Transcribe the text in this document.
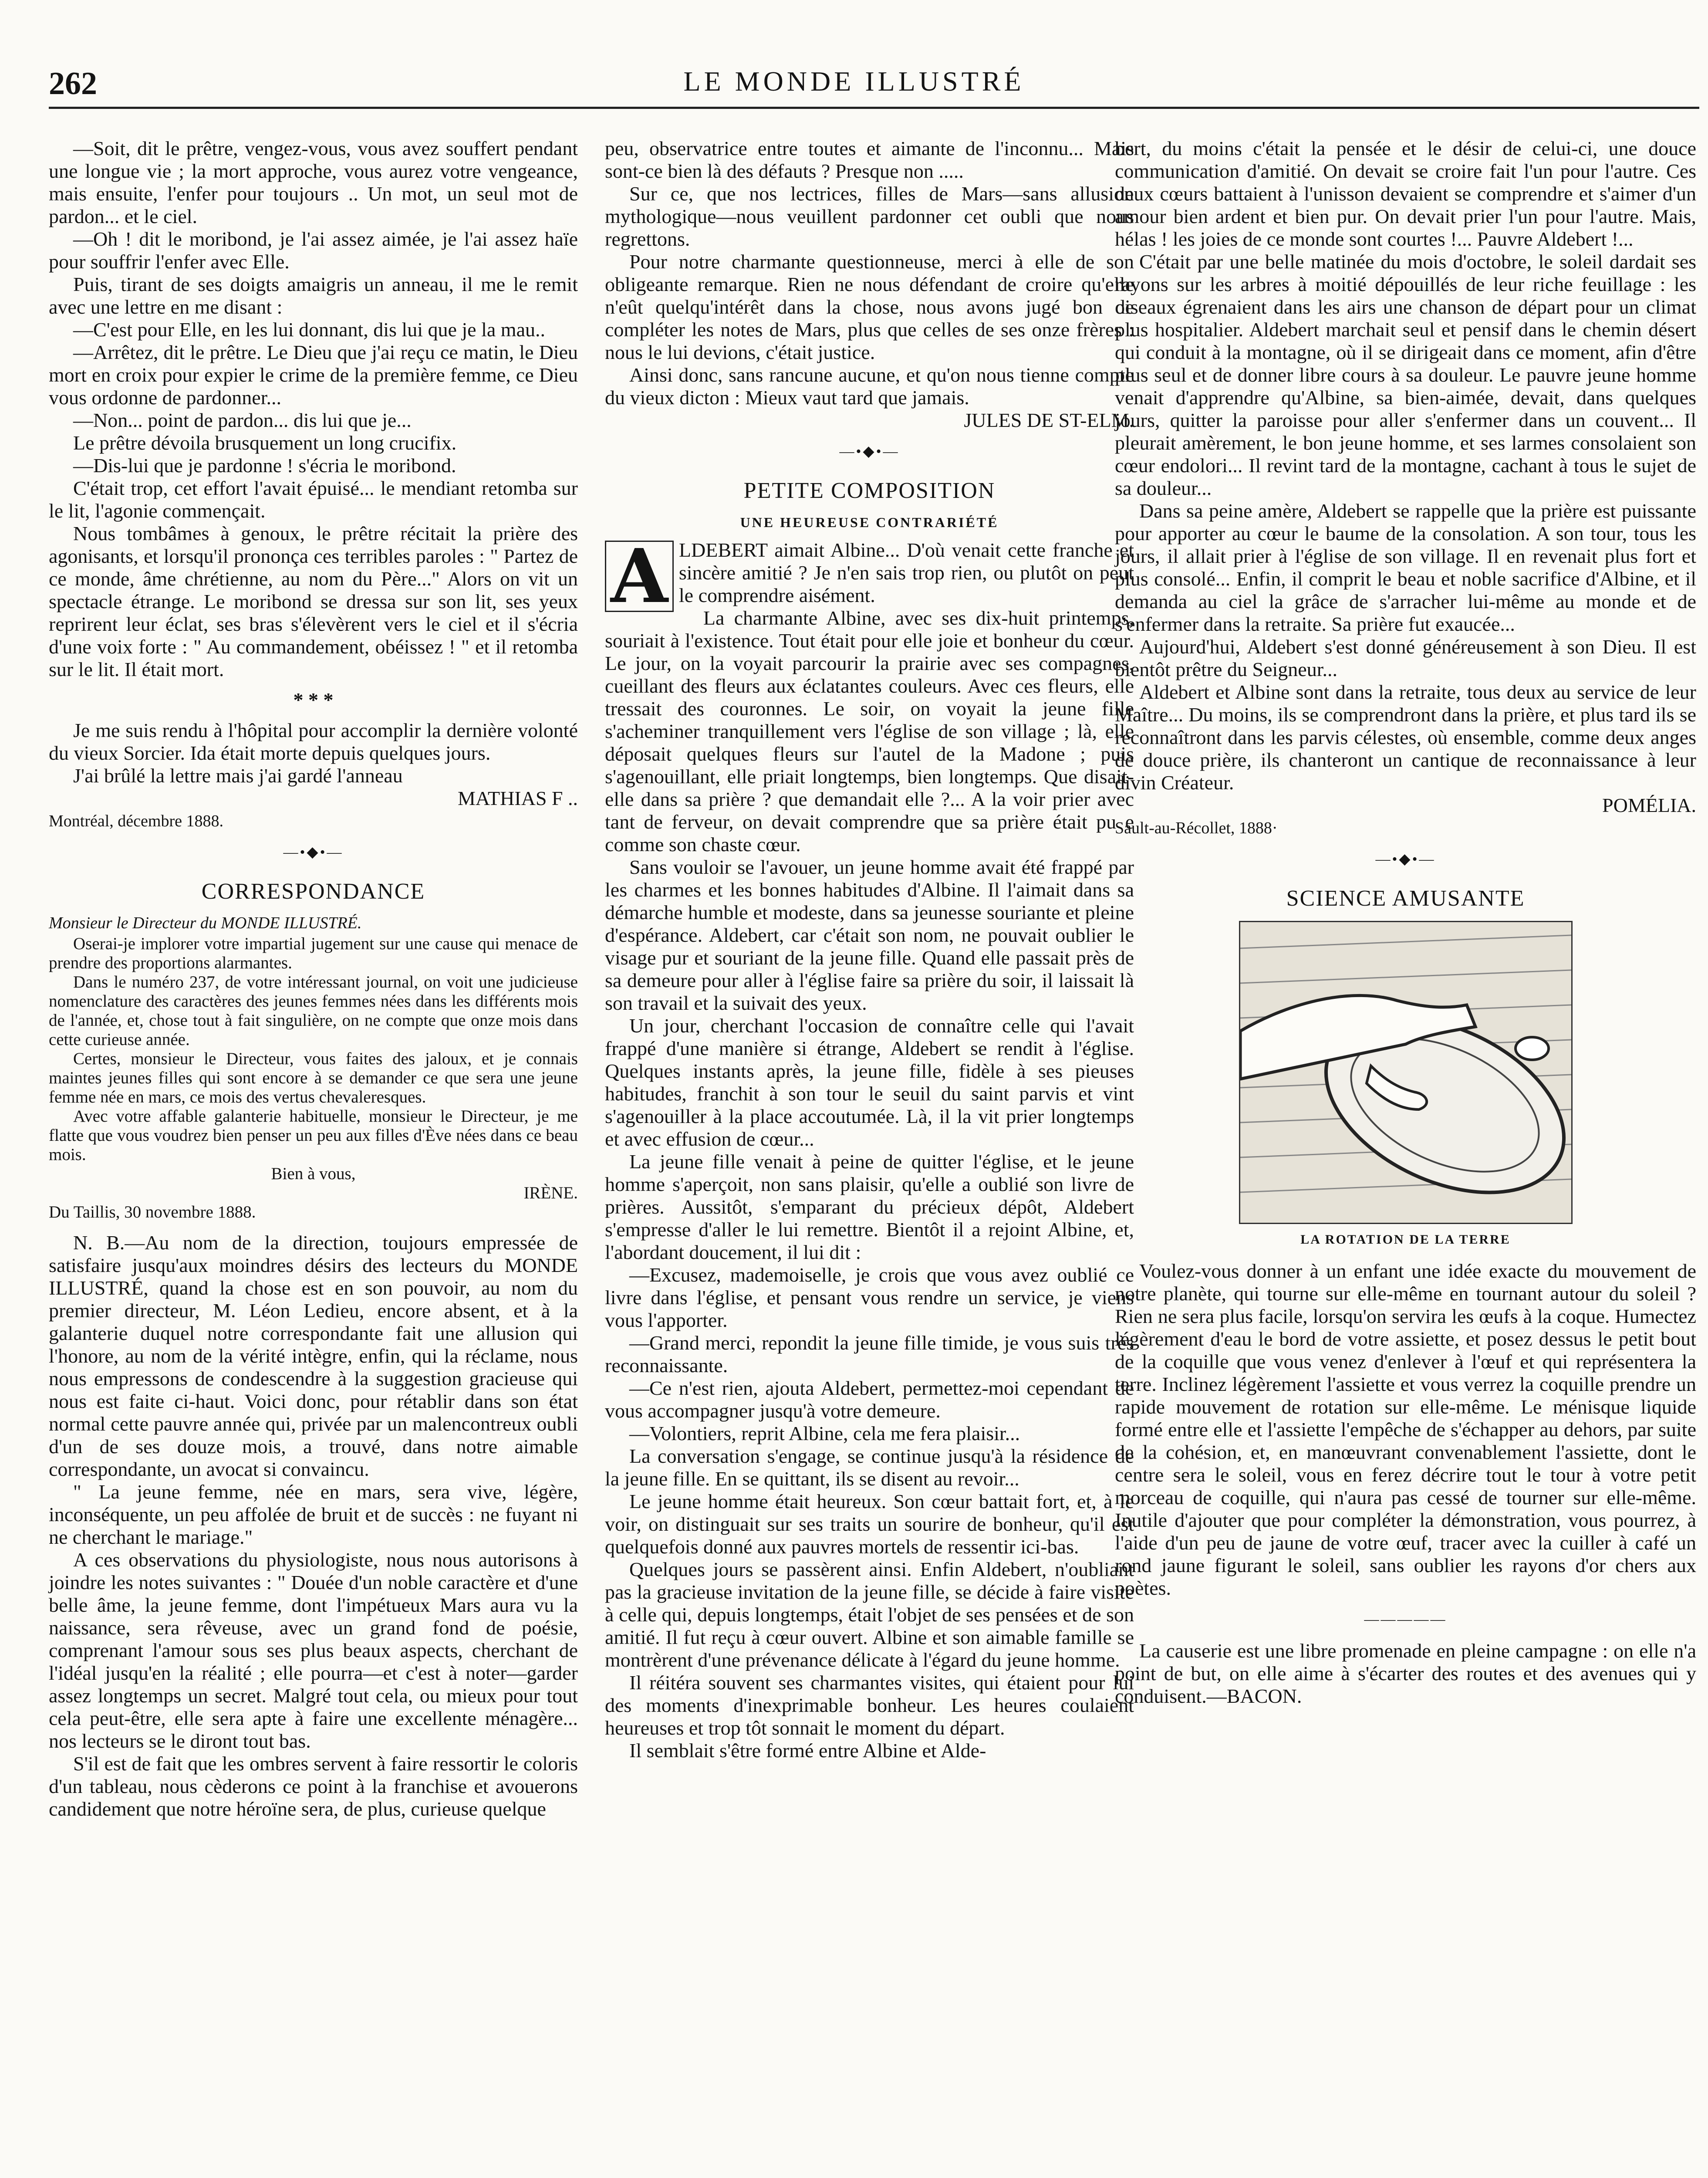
262	LE MONDE ILLUSTRÉ

—Soit, dit le prêtre, vengez-vous, vous avez souffert pendant une longue vie ; la mort approche, vous aurez votre vengeance, mais ensuite, l'enfer pour toujours .. Un mot, un seul mot de pardon... et le ciel.

—Oh ! dit le moribond, je l'ai assez aimée, je l'ai assez haïe pour souffrir l'enfer avec Elle.

Puis, tirant de ses doigts amaigris un anneau, il me le remit avec une lettre en me disant :

—C'est pour Elle, en les lui donnant, dis lui que je la mau..

—Arrêtez, dit le prêtre. Le Dieu que j'ai reçu ce matin, le Dieu mort en croix pour expier le crime de la première femme, ce Dieu vous ordonne de pardonner...

—Non... point de pardon... dis lui que je...

Le prêtre dévoila brusquement un long crucifix.

—Dis-lui que je pardonne ! s'écria le moribond.

C'était trop, cet effort l'avait épuisé... le mendiant retomba sur le lit, l'agonie commençait.

Nous tombâmes à genoux, le prêtre récitait la prière des agonisants, et lorsqu'il prononça ces terribles paroles : " Partez de ce monde, âme chrétienne, au nom du Père..." Alors on vit un spectacle étrange. Le moribond se dressa sur son lit, ses yeux reprirent leur éclat, ses bras s'élevèrent vers le ciel et il s'écria d'une voix forte : " Au commandement, obéissez ! " et il retomba sur le lit. Il était mort.

* * *

Je me suis rendu à l'hôpital pour accomplir la dernière volonté du vieux Sorcier. Ida était morte depuis quelques jours.

J'ai brûlé la lettre mais j'ai gardé l'anneau

MATHIAS F ..

Montréal, décembre 1888.

—•◆•—
CORRESPONDANCE

Monsieur le Directeur du MONDE ILLUSTRÉ.

Oserai-je implorer votre impartial jugement sur une cause qui menace de prendre des proportions alarmantes.

Dans le numéro 237, de votre intéressant journal, on voit une judicieuse nomenclature des caractères des jeunes femmes nées dans les différents mois de l'année, et, chose tout à fait singulière, on ne compte que onze mois dans cette curieuse année.

Certes, monsieur le Directeur, vous faites des jaloux, et je connais maintes jeunes filles qui sont encore à se demander ce que sera une jeune femme née en mars, ce mois des vertus chevaleresques.

Avec votre affable galanterie habituelle, monsieur le Directeur, je me flatte que vous voudrez bien penser un peu aux filles d'Ève nées dans ce beau mois.

Bien à vous,

IRÈNE.

Du Taillis, 30 novembre 1888.

N. B.—Au nom de la direction, toujours empressée de satisfaire jusqu'aux moindres désirs des lecteurs du MONDE ILLUSTRÉ, quand la chose est en son pouvoir, au nom du premier directeur, M. Léon Ledieu, encore absent, et à la galanterie duquel notre correspondante fait une allusion qui l'honore, au nom de la vérité intègre, enfin, qui la réclame, nous nous empressons de condescendre à la suggestion gracieuse qui nous est faite ci-haut. Voici donc, pour rétablir dans son état normal cette pauvre année qui, privée par un malencontreux oubli d'un de ses douze mois, a trouvé, dans notre aimable correspondante, un avocat si convaincu.

" La jeune femme, née en mars, sera vive, légère, inconséquente, un peu affolée de bruit et de succès : ne fuyant ni ne cherchant le mariage."

A ces observations du physiologiste, nous nous autorisons à joindre les notes suivantes : " Douée d'un noble caractère et d'une belle âme, la jeune femme, dont l'impétueux Mars aura vu la naissance, sera rêveuse, avec un grand fond de poésie, comprenant l'amour sous ses plus beaux aspects, cherchant de l'idéal jusqu'en la réalité ; elle pourra—et c'est à noter—garder assez longtemps un secret. Malgré tout cela, ou mieux pour tout cela peut-être, elle sera apte à faire une excellente ménagère... nos lecteurs se le diront tout bas.

S'il est de fait que les ombres servent à faire ressortir le coloris d'un tableau, nous cèderons ce point à la franchise et avouerons candidement que notre héroïne sera, de plus, curieuse quelque

peu, observatrice entre toutes et aimante de l'inconnu... Mais sont-ce bien là des défauts ? Presque non .....

Sur ce, que nos lectrices, filles de Mars—sans allusion mythologique—nous veuillent pardonner cet oubli que nous regrettons.

Pour notre charmante questionneuse, merci à elle de son obligeante remarque. Rien ne nous défendant de croire qu'elle n'eût quelqu'intérêt dans la chose, nous avons jugé bon de compléter les notes de Mars, plus que celles de ses onze frères : nous le lui devions, c'était justice.

Ainsi donc, sans rancune aucune, et qu'on nous tienne compte du vieux dicton : Mieux vaut tard que jamais.

JULES DE ST-ELM.

—•◆•—
PETITE COMPOSITION
UNE HEUREUSE CONTRARIÉTÉ

A LDEBERT aimait Albine... D'où venait cette franche et sincère amitié ? Je n'en sais trop rien, ou plutôt on peut le comprendre aisément.

La charmante Albine, avec ses dix-huit printemps, souriait à l'existence. Tout était pour elle joie et bonheur du cœur. Le jour, on la voyait parcourir la prairie avec ses compagnes, cueillant des fleurs aux éclatantes couleurs. Avec ces fleurs, elle tressait des couronnes. Le soir, on voyait la jeune fille s'acheminer tranquillement vers l'église de son village ; là, elle déposait quelques fleurs sur l'autel de la Madone ; puis s'agenouillant, elle priait longtemps, bien longtemps. Que disait-elle dans sa prière ? que demandait elle ?... A la voir prier avec tant de ferveur, on devait comprendre que sa prière était pu e comme son chaste cœur.

Sans vouloir se l'avouer, un jeune homme avait été frappé par les charmes et les bonnes habitudes d'Albine. Il l'aimait dans sa démarche humble et modeste, dans sa jeunesse souriante et pleine d'espérance. Aldebert, car c'était son nom, ne pouvait oublier le visage pur et souriant de la jeune fille. Quand elle passait près de sa demeure pour aller à l'église faire sa prière du soir, il laissait là son travail et la suivait des yeux.

Un jour, cherchant l'occasion de connaître celle qui l'avait frappé d'une manière si étrange, Aldebert se rendit à l'église. Quelques instants après, la jeune fille, fidèle à ses pieuses habitudes, franchit à son tour le seuil du saint parvis et vint s'agenouiller à la place accoutumée. Là, il la vit prier longtemps et avec effusion de cœur...

La jeune fille venait à peine de quitter l'église, et le jeune homme s'aperçoit, non sans plaisir, qu'elle a oublié son livre de prières. Aussitôt, s'emparant du précieux dépôt, Aldebert s'empresse d'aller le lui remettre. Bientôt il a rejoint Albine, et, l'abordant doucement, il lui dit :

—Excusez, mademoiselle, je crois que vous avez oublié ce livre dans l'église, et pensant vous rendre un service, je viens vous l'apporter.

—Grand merci, repondit la jeune fille timide, je vous suis très reconnaissante.

—Ce n'est rien, ajouta Aldebert, permettez-moi cependant de vous accompagner jusqu'à votre demeure.

—Volontiers, reprit Albine, cela me fera plaisir...

La conversation s'engage, se continue jusqu'à la résidence de la jeune fille. En se quittant, ils se disent au revoir...

Le jeune homme était heureux. Son cœur battait fort, et, à le voir, on distinguait sur ses traits un sourire de bonheur, qu'il est quelquefois donné aux pauvres mortels de ressentir ici-bas.

Quelques jours se passèrent ainsi. Enfin Aldebert, n'oubliant pas la gracieuse invitation de la jeune fille, se décide à faire visite à celle qui, depuis longtemps, était l'objet de ses pensées et de son amitié. Il fut reçu à cœur ouvert. Albine et son aimable famille se montrèrent d'une prévenance délicate à l'égard du jeune homme.

Il réitéra souvent ses charmantes visites, qui étaient pour lui des moments d'inexprimable bonheur. Les heures coulaient heureuses et trop tôt sonnait le moment du départ.

Il semblait s'être formé entre Albine et Alde-

bert, du moins c'était la pensée et le désir de celui-ci, une douce communication d'amitié. On devait se croire fait l'un pour l'autre. Ces deux cœurs battaient à l'unisson devaient se comprendre et s'aimer d'un amour bien ardent et bien pur. On devait prier l'un pour l'autre. Mais, hélas ! les joies de ce monde sont courtes !... Pauvre Aldebert !...

C'était par une belle matinée du mois d'octobre, le soleil dardait ses rayons sur les arbres à moitié dépouillés de leur riche feuillage : les oiseaux égrenaient dans les airs une chanson de départ pour un climat plus hospitalier. Aldebert marchait seul et pensif dans le chemin désert qui conduit à la montagne, où il se dirigeait dans ce moment, afin d'être plus seul et de donner libre cours à sa douleur. Le pauvre jeune homme venait d'apprendre qu'Albine, sa bien-aimée, devait, dans quelques jours, quitter la paroisse pour aller s'enfermer dans un couvent... Il pleurait amèrement, le bon jeune homme, et ses larmes consolaient son cœur endolori... Il revint tard de la montagne, cachant à tous le sujet de sa douleur...

Dans sa peine amère, Aldebert se rappelle que la prière est puissante pour apporter au cœur le baume de la consolation. A son tour, tous les jours, il allait prier à l'église de son village. Il en revenait plus fort et plus consolé... Enfin, il comprit le beau et noble sacrifice d'Albine, et il demanda au ciel la grâce de s'arracher lui-même au monde et de s'enfermer dans la retraite. Sa prière fut exaucée...

Aujourd'hui, Aldebert s'est donné généreusement à son Dieu. Il est bientôt prêtre du Seigneur...

Aldebert et Albine sont dans la retraite, tous deux au service de leur Maître... Du moins, ils se comprendront dans la prière, et plus tard ils se reconnaîtront dans les parvis célestes, où ensemble, comme deux anges de douce prière, ils chanteront un cantique de reconnaissance à leur divin Créateur.

POMÉLIA.

Sault-au-Récollet, 1888·

—•◆•—
SCIENCE AMUSANTE
LA ROTATION DE LA TERRE

Voulez-vous donner à un enfant une idée exacte du mouvement de notre planète, qui tourne sur elle-même en tournant autour du soleil ? Rien ne sera plus facile, lorsqu'on servira les œufs à la coque. Humectez légèrement d'eau le bord de votre assiette, et posez dessus le petit bout de la coquille que vous venez d'enlever à l'œuf et qui représentera la terre. Inclinez légèrement l'assiette et vous verrez la coquille prendre un rapide mouvement de rotation sur elle-même. Le ménisque liquide formé entre elle et l'assiette l'empêche de s'échapper au dehors, par suite de la cohésion, et, en manœuvrant convenablement l'assiette, dont le centre sera le soleil, vous en ferez décrire tout le tour à votre petit morceau de coquille, qui n'aura pas cessé de tourner sur elle-même. Inutile d'ajouter que pour compléter la démonstration, vous pourrez, à l'aide d'un peu de jaune de votre œuf, tracer avec la cuiller à café un rond jaune figurant le soleil, sans oublier les rayons d'or chers aux poètes.

—————

La causerie est une libre promenade en pleine campagne : on elle n'a point de but, on elle aime à s'écarter des routes et des avenues qui y conduisent.—BACON.
